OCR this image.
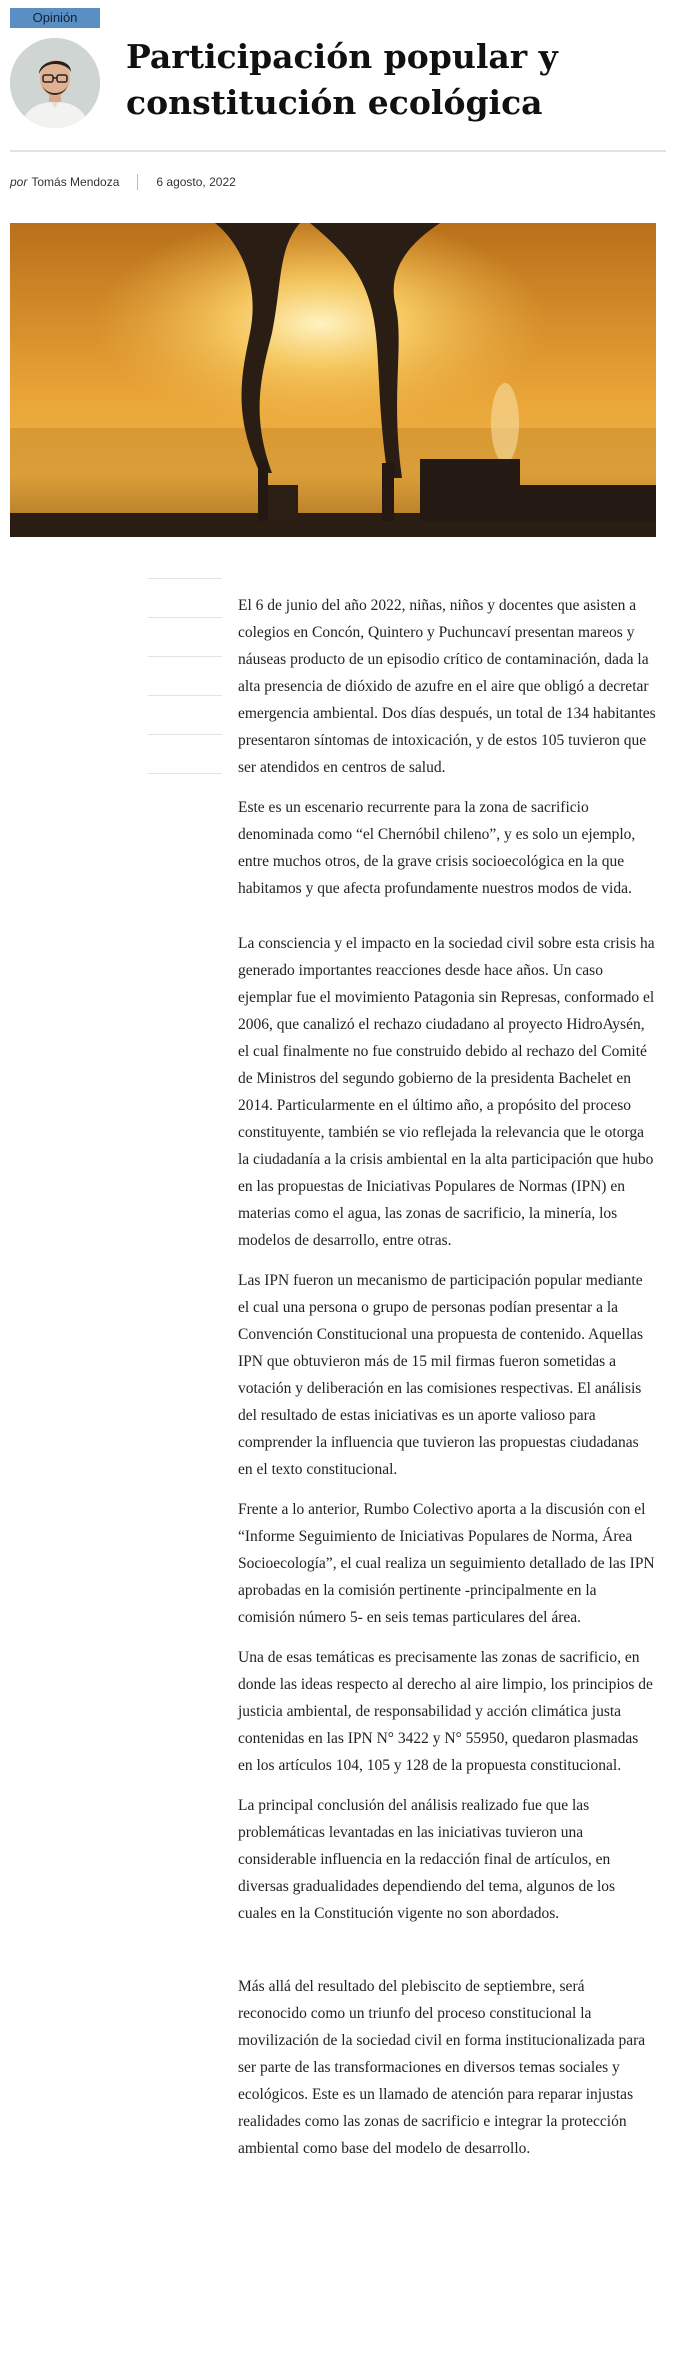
Opinión
Participación popular y constitución ecológica
por Tomás Mendoza	6 agosto, 2022

El 6 de junio del año 2022, niñas, niños y docentes que asisten a colegios en Concón, Quintero y Puchuncaví presentan mareos y náuseas producto de un episodio crítico de contaminación, dada la alta presencia de dióxido de azufre en el aire que obligó a decretar emergencia ambiental. Dos días después, un total de 134 habitantes presentaron síntomas de intoxicación, y de estos 105 tuvieron que ser atendidos en centros de salud.

Este es un escenario recurrente para la zona de sacrificio denominada como “el Chernóbil chileno”, y es solo un ejemplo, entre muchos otros, de la grave crisis socioecológica en la que habitamos y que afecta profundamente nuestros modos de vida.

La consciencia y el impacto en la sociedad civil sobre esta crisis ha generado importantes reacciones desde hace años. Un caso ejemplar fue el movimiento Patagonia sin Represas, conformado el 2006, que canalizó el rechazo ciudadano al proyecto HidroAysén, el cual finalmente no fue construido debido al rechazo del Comité de Ministros del segundo gobierno de la presidenta Bachelet en 2014. Particularmente en el último año, a propósito del proceso constituyente, también se vio reflejada la relevancia que le otorga la ciudadanía a la crisis ambiental en la alta participación que hubo en las propuestas de Iniciativas Populares de Normas (IPN) en materias como el agua, las zonas de sacrificio, la minería, los modelos de desarrollo, entre otras.

Las IPN fueron un mecanismo de participación popular mediante el cual una persona o grupo de personas podían presentar a la Convención Constitucional una propuesta de contenido. Aquellas IPN que obtuvieron más de 15 mil firmas fueron sometidas a votación y deliberación en las comisiones respectivas. El análisis del resultado de estas iniciativas es un aporte valioso para comprender la influencia que tuvieron las propuestas ciudadanas en el texto constitucional.

Frente a lo anterior, Rumbo Colectivo aporta a la discusión con el “Informe Seguimiento de Iniciativas Populares de Norma, Área Socioecología”, el cual realiza un seguimiento detallado de las IPN aprobadas en la comisión pertinente -principalmente en la comisión número 5- en seis temas particulares del área.

Una de esas temáticas es precisamente las zonas de sacrificio, en donde las ideas respecto al derecho al aire limpio, los principios de justicia ambiental, de responsabilidad y acción climática justa contenidas en las IPN N° 3422 y N° 55950, quedaron plasmadas en los artículos 104, 105 y 128 de la propuesta constitucional.

La principal conclusión del análisis realizado fue que las problemáticas levantadas en las iniciativas tuvieron una considerable influencia en la redacción final de artículos, en diversas gradualidades dependiendo del tema, algunos de los cuales en la Constitución vigente no son abordados.

Más allá del resultado del plebiscito de septiembre, será reconocido como un triunfo del proceso constitucional la movilización de la sociedad civil en forma institucionalizada para ser parte de las transformaciones en diversos temas sociales y ecológicos. Este es un llamado de atención para reparar injustas realidades como las zonas de sacrificio e integrar la protección ambiental como base del modelo de desarrollo.
